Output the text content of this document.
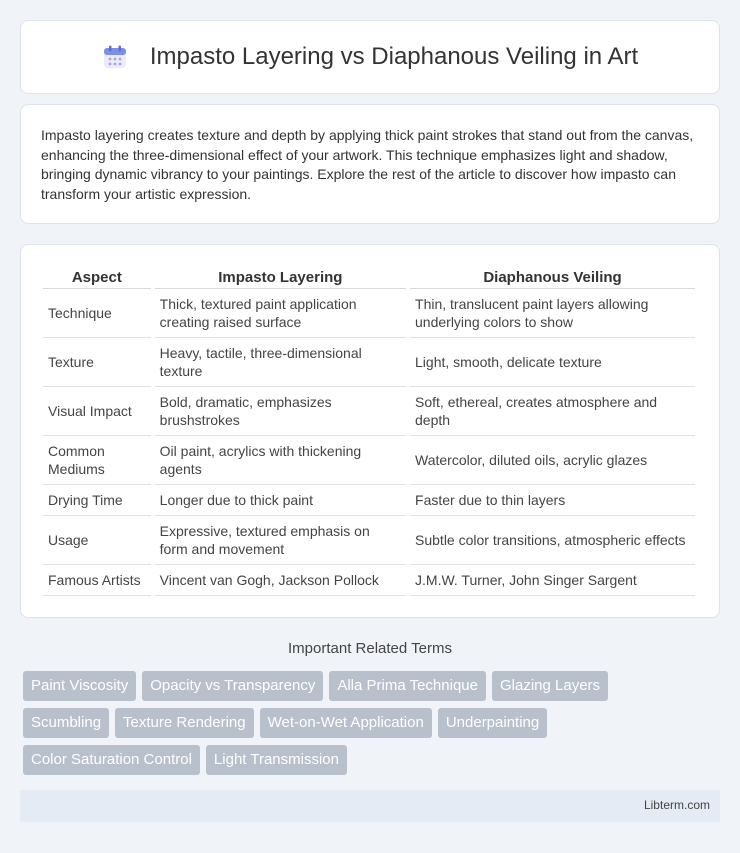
Impasto Layering vs Diaphanous Veiling in Art

Impasto layering creates texture and depth by applying thick paint strokes that stand out from the canvas, enhancing the three-dimensional effect of your artwork. This technique emphasizes light and shadow, bringing dynamic vibrancy to your paintings. Explore the rest of the article to discover how impasto can transform your artistic expression.

Aspect	Impasto Layering	Diaphanous Veiling
Technique	Thick, textured paint application creating raised surface	Thin, translucent paint layers allowing underlying colors to show
Texture	Heavy, tactile, three-dimensional texture	Light, smooth, delicate texture
Visual Impact	Bold, dramatic, emphasizes brushstrokes	Soft, ethereal, creates atmosphere and depth
Common Mediums	Oil paint, acrylics with thickening agents	Watercolor, diluted oils, acrylic glazes
Drying Time	Longer due to thick paint	Faster due to thin layers
Usage	Expressive, textured emphasis on form and movement	Subtle color transitions, atmospheric effects
Famous Artists	Vincent van Gogh, Jackson Pollock	J.M.W. Turner, John Singer Sargent
Important Related Terms
Paint Viscosity	Opacity vs Transparency	Alla Prima Technique	Glazing Layers
Scumbling	Texture Rendering	Wet-on-Wet Application	Underpainting
Color Saturation Control	Light Transmission
Libterm.com
